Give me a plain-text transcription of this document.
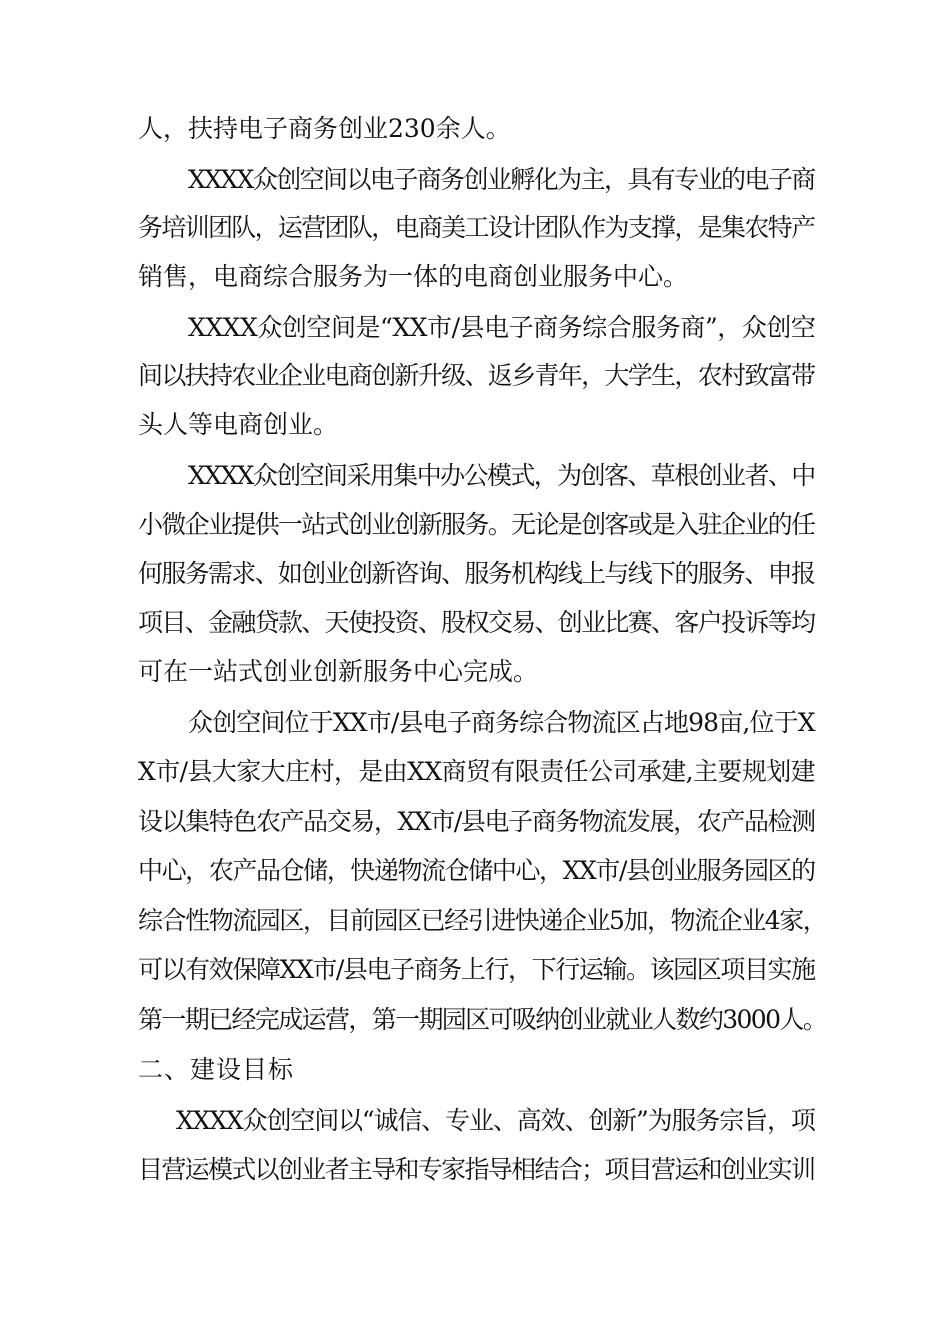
人，扶持电子商务创业230余人。
XXXX众创空间以电子商务创业孵化为主，具有专业的电子商
务培训团队，运营团队，电商美工设计团队作为支撑，是集农特产
销售，电商综合服务为一体的电商创业服务中心。
XXXX众创空间是“XX市/县电子商务综合服务商”，众创空
间以扶持农业企业电商创新升级、返乡青年，大学生，农村致富带
头人等电商创业。
XXXX众创空间采用集中办公模式，为创客、草根创业者、中
小微企业提供一站式创业创新服务。无论是创客或是入驻企业的任
何服务需求、如创业创新咨询、服务机构线上与线下的服务、申报
项目、金融贷款、天使投资、股权交易、创业比赛、客户投诉等均
可在一站式创业创新服务中心完成。
众创空间位于XX市/县电子商务综合物流区占地98亩,位于X
X市/县大家大庄村，是由XX商贸有限责任公司承建,主要规划建
设以集特色农产品交易，XX市/县电子商务物流发展，农产品检测
中心，农产品仓储，快递物流仓储中心，XX市/县创业服务园区的
综合性物流园区，目前园区已经引进快递企业5加，物流企业4家，
可以有效保障XX市/县电子商务上行，下行运输。该园区项目实施
第一期已经完成运营，第一期园区可吸纳创业就业人数约3000人。
二、建设目标
XXXX众创空间以“诚信、专业、高效、创新”为服务宗旨，项
目营运模式以创业者主导和专家指导相结合；项目营运和创业实训
